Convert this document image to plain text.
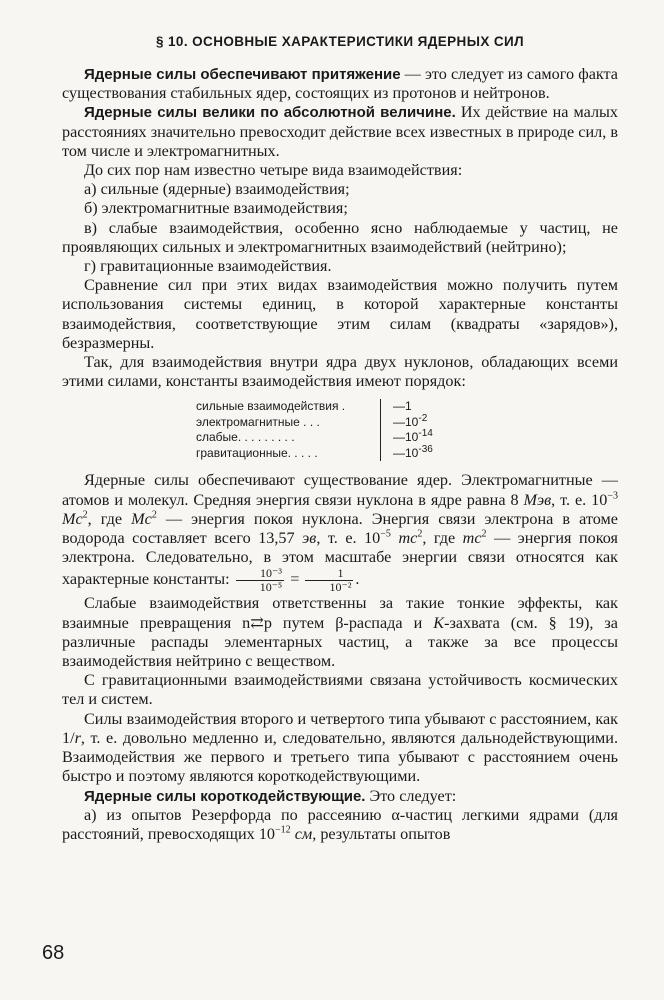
§ 10. ОСНОВНЫЕ ХАРАКТЕРИСТИКИ ЯДЕРНЫХ СИЛ

Ядерные силы обеспечивают притяжение — это следует из самого факта существования стабильных ядер, состоящих из протонов и нейтронов.

Ядерные силы велики по абсолютной величине. Их действие на малых расстояниях значительно превосходит действие всех известных в природе сил, в том числе и электромагнитных.

До сих пор нам известно четыре вида взаимодействия:

а) сильные (ядерные) взаимодействия;

б) электромагнитные взаимодействия;

в) слабые взаимодействия, особенно ясно наблюдаемые у частиц, не проявляющих сильных и электромагнитных взаимодействий (нейтрино);

г) гравитационные взаимодействия.

Сравнение сил при этих видах взаимодействия можно получить путем использования системы единиц, в которой характерные константы взаимодействия, соответствующие этим силам (квадраты «зарядов»), безразмерны.

Так, для взаимодействия внутри ядра двух нуклонов, обладающих всеми этими силами, константы взаимодействия имеют порядок:

сильные взаимодействия .	—1
электромагнитные . . .	$—10^{-2}$
слабые. . . . . . . . .	$—10^{-14}$
гравитационные. . . . .	$—10^{-36}$

Ядерные силы обеспечивают существование ядер. Электромагнитные — атомов и молекул. Средняя энергия связи нуклона в ядре равна 8 Мэв, т. е. $10^{-3}$ Mc$^2$, где Mc$^2$ — энергия покоя нуклона. Энергия связи электрона в атоме водорода составляет всего 13,57 эв, т. е. $10^{-5}$ $mc^2$, где $mc^2$ — энергия покоя электрона. Следовательно, в этом масштабе энергии связи относятся как характерные константы: $\frac{\text{10⁻³}}{\text{10⁻⁵}} = \frac{1}{\text{10⁻²}}$ .

Слабые взаимодействия ответственны за такие тонкие эффекты, как взаимные превращения n⇄p путем β-распада и K-захвата (см. § 19), за различные распады элементарных частиц, а также за все процессы взаимодействия нейтрино с веществом.

С гравитационными взаимодействиями связана устойчивость космических тел и систем.

Силы взаимодействия второго и четвертого типа убывают с расстоянием, как 1/r, т. е. довольно медленно и, следовательно, являются дальнодействующими. Взаимодействия же первого и третьего типа убывают с расстоянием очень быстро и поэтому являются короткодействующими.

Ядерные силы короткодействующие. Это следует:

а) из опытов Резерфорда по рассеянию α-частиц легкими ядрами (для расстояний, превосходящих $10^{-12}$ см, результаты опытов

68
